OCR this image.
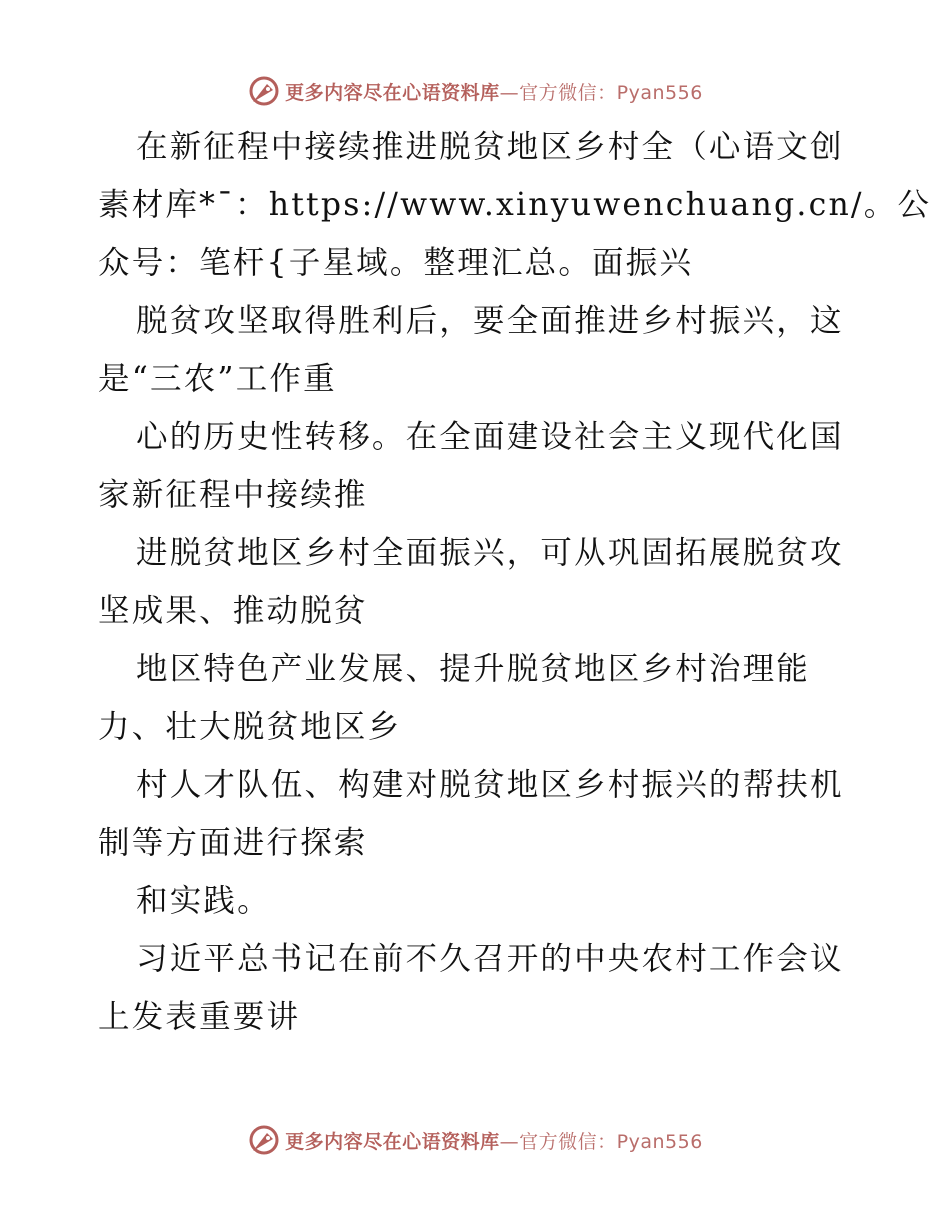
更多内容尽在心语资料库—官方微信：Pyan556
在新征程中接续推进脱贫地区乡村全（心语文创
素材库*¯：https://www.xinyuwenchuang.cn/。公
众号：笔杆{子星域。整理汇总。面振兴
脱贫攻坚取得胜利后，要全面推进乡村振兴，这
是“三农”工作重
心的历史性转移。在全面建设社会主义现代化国
家新征程中接续推
进脱贫地区乡村全面振兴，可从巩固拓展脱贫攻
坚成果、推动脱贫
地区特色产业发展、提升脱贫地区乡村治理能
力、壮大脱贫地区乡
村人才队伍、构建对脱贫地区乡村振兴的帮扶机
制等方面进行探索
和实践。
习近平总书记在前不久召开的中央农村工作会议
上发表重要讲
更多内容尽在心语资料库—官方微信：Pyan556
